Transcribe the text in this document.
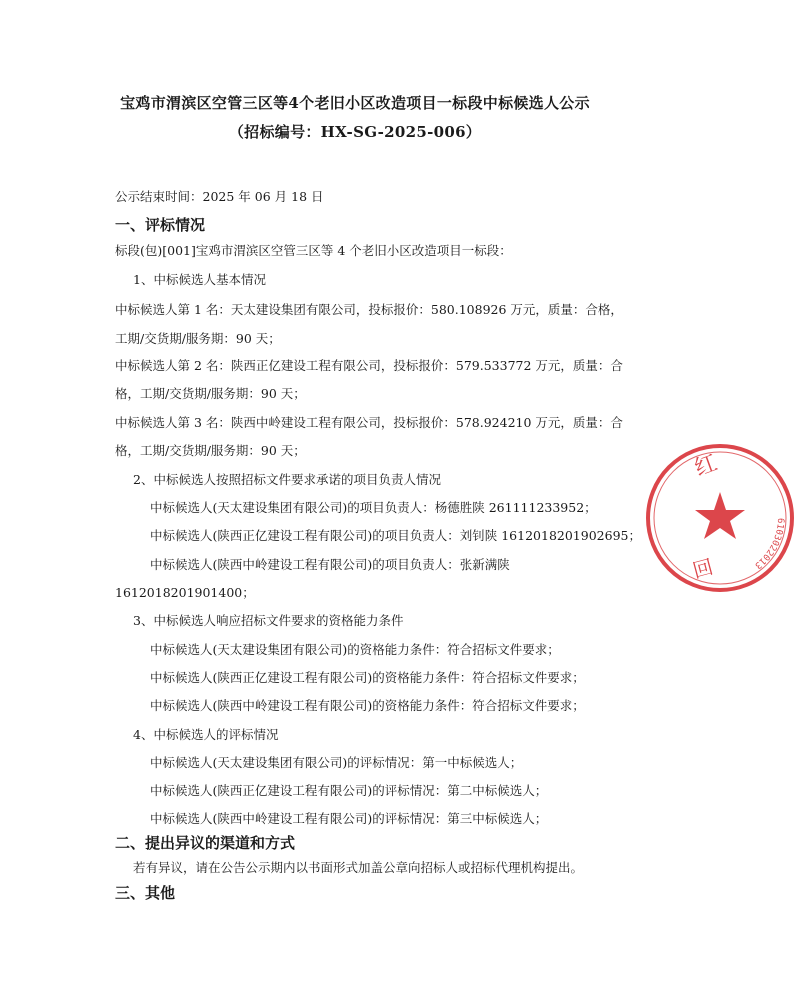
宝鸡市渭滨区空管三区等4个老旧小区改造项目一标段中标候选人公示
（招标编号：HX-SG-2025-006）
公示结束时间：2025 年 06 月 18 日
一、评标情况
标段(包)[001]宝鸡市渭滨区空管三区等 4 个老旧小区改造项目一标段：
1、中标候选人基本情况
中标候选人第 1 名：天太建设集团有限公司，投标报价：580.108926 万元，质量：合格，
工期/交货期/服务期：90 天；
中标候选人第 2 名：陕西正亿建设工程有限公司，投标报价：579.533772 万元，质量：合
格，工期/交货期/服务期：90 天；
中标候选人第 3 名：陕西中岭建设工程有限公司，投标报价：578.924210 万元，质量：合
格，工期/交货期/服务期：90 天；
2、中标候选人按照招标文件要求承诺的项目负责人情况
中标候选人(天太建设集团有限公司)的项目负责人：杨德胜陕 261111233952；
中标候选人(陕西正亿建设工程有限公司)的项目负责人：刘钊陕 1612018201902695；
中标候选人(陕西中岭建设工程有限公司)的项目负责人：张新满陕
1612018201901400；
3、中标候选人响应招标文件要求的资格能力条件
中标候选人(天太建设集团有限公司)的资格能力条件：符合招标文件要求；
中标候选人(陕西正亿建设工程有限公司)的资格能力条件：符合招标文件要求；
中标候选人(陕西中岭建设工程有限公司)的资格能力条件：符合招标文件要求；
4、中标候选人的评标情况
中标候选人(天太建设集团有限公司)的评标情况：第一中标候选人；
中标候选人(陕西正亿建设工程有限公司)的评标情况：第二中标候选人；
中标候选人(陕西中岭建设工程有限公司)的评标情况：第三中标候选人；
二、提出异议的渠道和方式
若有异议，请在公告公示期内以书面形式加盖公章向招标人或招标代理机构提出。
三、其他
红
回
6103022013
